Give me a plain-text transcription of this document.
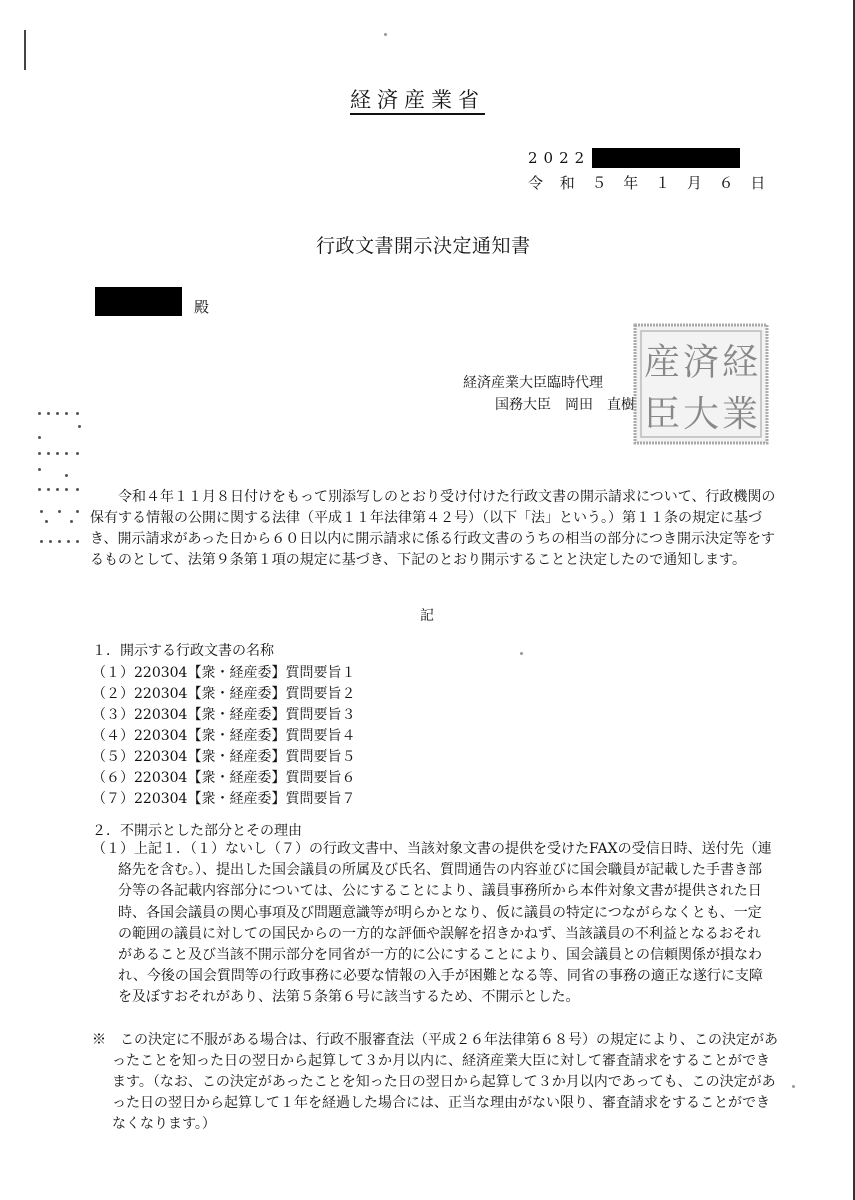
経済産業省
2022
令 和 ５ 年 １ 月 ６ 日
行政文書開示決定通知書
殿
経済産業大臣臨時代理
国務大臣　岡田　直樹
経
済
産
業
大
臣
令和４年１１月８日付けをもって別添写しのとおり受け付けた行政文書の開示請求について、行政機関の保有する情報の公開に関する法律（平成１１年法律第４２号）（以下「法」という。）第１１条の規定に基づき、開示請求があった日から６０日以内に開示請求に係る行政文書のうちの相当の部分につき開示決定等をするものとして、法第９条第１項の規定に基づき、下記のとおり開示することと決定したので通知します。
記
１．開示する行政文書の名称
（１）220304【衆・経産委】質問要旨１
（２）220304【衆・経産委】質問要旨２
（３）220304【衆・経産委】質問要旨３
（４）220304【衆・経産委】質問要旨４
（５）220304【衆・経産委】質問要旨５
（６）220304【衆・経産委】質問要旨６
（７）220304【衆・経産委】質問要旨７
２．不開示とした部分とその理由
（１）上記１．（１）ないし（７）の行政文書中、当該対象文書の提供を受けたFAXの受信日時、送付先（連絡先を含む。）、提出した国会議員の所属及び氏名、質問通告の内容並びに国会職員が記載した手書き部分等の各記載内容部分については、公にすることにより、議員事務所から本件対象文書が提供された日時、各国会議員の関心事項及び問題意識等が明らかとなり、仮に議員の特定につながらなくとも、一定の範囲の議員に対しての国民からの一方的な評価や誤解を招きかねず、当該議員の不利益となるおそれがあること及び当該不開示部分を同省が一方的に公にすることにより、国会議員との信頼関係が損なわれ、今後の国会質問等の行政事務に必要な情報の入手が困難となる等、同省の事務の適正な遂行に支障を及ぼすおそれがあり、法第５条第６号に該当するため、不開示とした。
※　この決定に不服がある場合は、行政不服審査法（平成２６年法律第６８号）の規定により、この決定があったことを知った日の翌日から起算して３か月以内に、経済産業大臣に対して審査請求をすることができます。（なお、この決定があったことを知った日の翌日から起算して３か月以内であっても、この決定があった日の翌日から起算して１年を経過した場合には、正当な理由がない限り、審査請求をすることができなくなります。）
